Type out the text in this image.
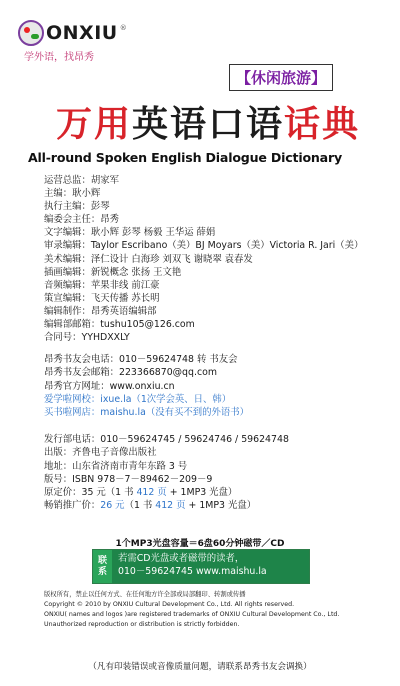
ONXIU ®
学外语，找昂秀
【休闲旅游】
万用英语口语话典
All-round Spoken English Dialogue Dictionary
运营总监：胡家军
主编：耿小辉
执行主编：彭琴
编委会主任：昂秀
文字编辑：耿小辉 彭琴 杨毅 王华运 薛娟
审录编辑：Taylor Escribano（美）BJ Moyars（美）Victoria R. Jari（美）
美术编辑：泽仁设计 白海珍 刘双飞 谢晓翠 袁春发
插画编辑：新锐概念 张扬 王文艳
音频编辑：苹果非线 前江豪
策宣编辑：飞天传播 苏长明
编辑制作：昂秀英语编辑部
编辑部邮箱：tushu105@126.com
合同号：YYHDXXLY
昂秀书友会电话：010－59624748 转 书友会
昂秀书友会邮箱：223366870@qq.com
昂秀官方网址：www.onxiu.cn
爱学啦网校：ixue.la（1次学会英、日、韩）
买书啦网店：maishu.la（没有买不到的外语书）
发行部电话：010－59624745 / 59624746 / 59624748
出版：齐鲁电子音像出版社
地址：山东省济南市青年东路 3 号
版号：ISBN 978－7－89462－209－9
原定价：35 元（1 书 412 页 + 1MP3 光盘）
畅销推广价：26 元（1 书 412 页 + 1MP3 光盘）
1个MP3光盘容量＝6盘60分钟磁带／CD
联
系
若需CD光盘或者磁带的读者，
010－59624745 www.maishu.la
版权所有，禁止以任何方式、在任何地方许全部或局部翻印、转割或传播
Copyright © 2010 by ONXIU Cultural Development Co., Ltd. All rights reserved.
ONXIU( names and logos )are registered trademarks of ONXIU Cultural Development Co., Ltd.
Unauthorized reproduction or distribution is strictly forbidden.
（凡有印装错误或音像质量问题，请联系昂秀书友会调换）
